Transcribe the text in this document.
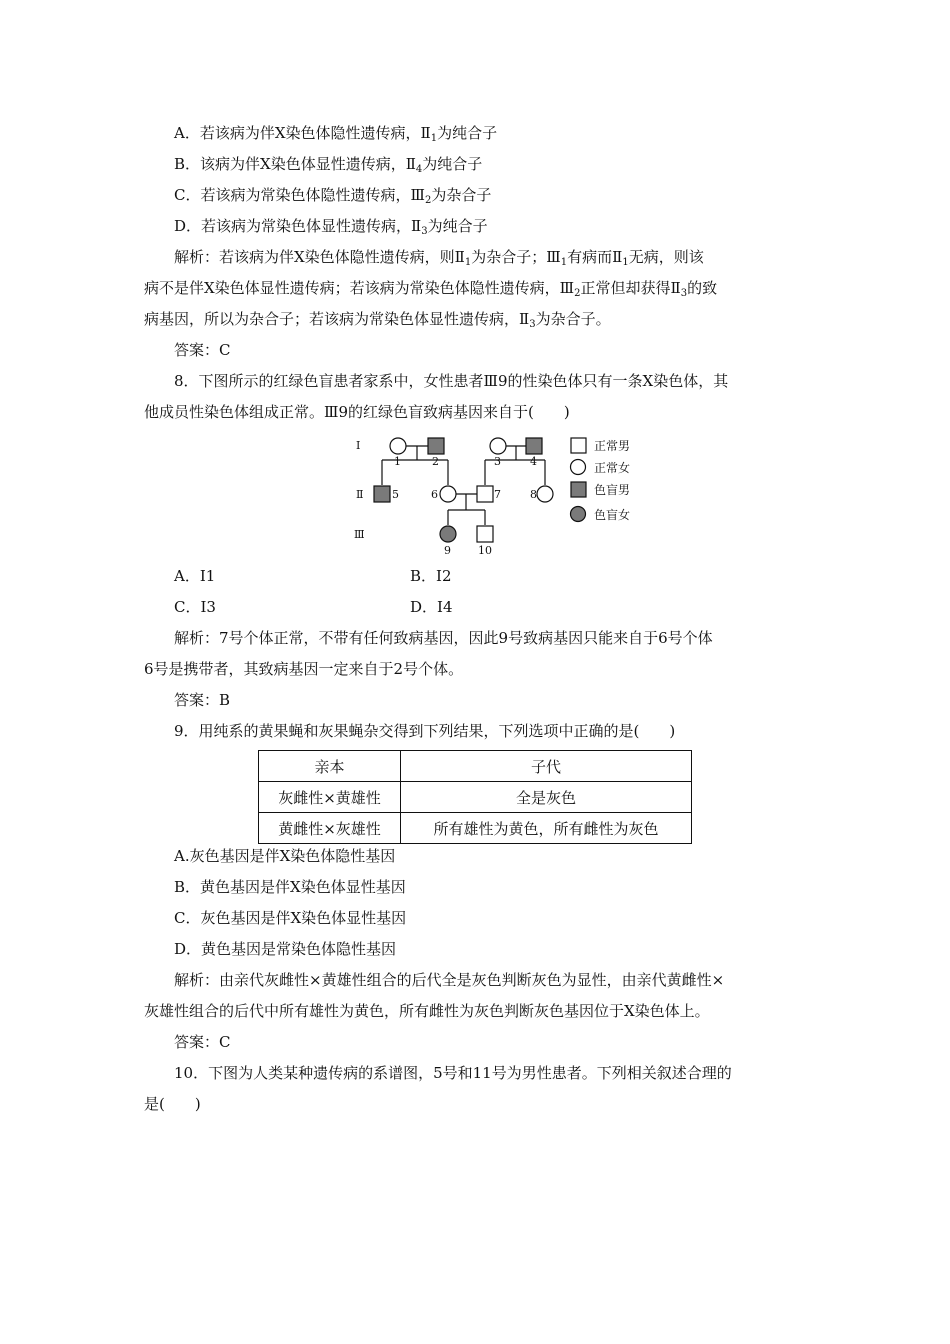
A．若该病为伴X染色体隐性遗传病，$Ⅱ_1$为纯合子
B．该病为伴X染色体显性遗传病，$Ⅱ_4$为纯合子
C．若该病为常染色体隐性遗传病，$Ⅲ_2$为杂合子
D．若该病为常染色体显性遗传病，$Ⅱ_3$为纯合子
解析：若该病为伴X染色体隐性遗传病，则$Ⅱ_1$为杂合子；$Ⅲ_1$有病而$Ⅱ_1$无病，则该
病不是伴X染色体显性遗传病；若该病为常染色体隐性遗传病，$Ⅲ_2$正常但却获得$Ⅱ_3$的致
病基因，所以为杂合子；若该病为常染色体显性遗传病，$Ⅱ_3$为杂合子。
答案：C
8．下图所示的红绿色盲患者家系中，女性患者Ⅲ9的性染色体只有一条X染色体，其
他成员性染色体组成正常。Ⅲ9的红绿色盲致病基因来自于(　　)
Ⅰ
Ⅱ
Ⅲ
1	2	3	4
5	6	7	8
9 10
正常男
正常女
色盲男
色盲女
A．Ⅰ1	B．Ⅰ2
C．Ⅰ3	D．Ⅰ4
解析：7号个体正常，不带有任何致病基因，因此9号致病基因只能来自于6号个体
6号是携带者，其致病基因一定来自于2号个体。
答案：B
9．用纯系的黄果蝇和灰果蝇杂交得到下列结果，下列选项中正确的是(　　)
亲本	子代
灰雌性×黄雄性	全是灰色
黄雌性×灰雄性	所有雄性为黄色，所有雌性为灰色
A.灰色基因是伴X染色体隐性基因
B．黄色基因是伴X染色体显性基因
C．灰色基因是伴X染色体显性基因
D．黄色基因是常染色体隐性基因
解析：由亲代灰雌性×黄雄性组合的后代全是灰色判断灰色为显性，由亲代黄雌性×
灰雄性组合的后代中所有雄性为黄色，所有雌性为灰色判断灰色基因位于X染色体上。
答案：C
10．下图为人类某种遗传病的系谱图，5号和11号为男性患者。下列相关叙述合理的
是(　　)
